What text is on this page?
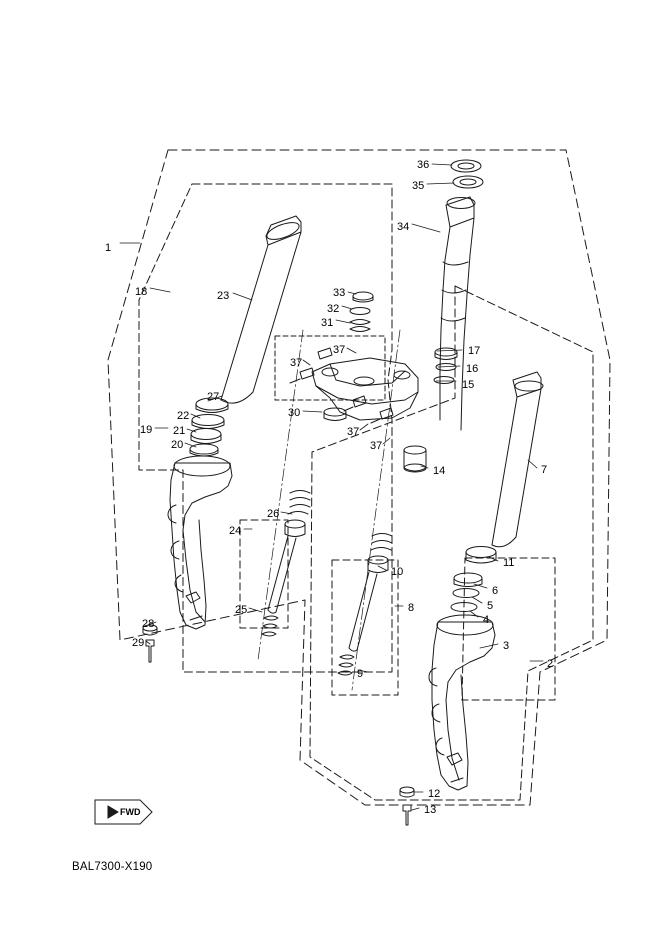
1
18	23	33
32
31
36
35
34
17
16
15
37
37
27
22
19 21
20
30
37
37
14	7
26
24
25
11
6
5
4
3
2
10
8
9
28
29
12
13
FWD
BAL7300-X190
